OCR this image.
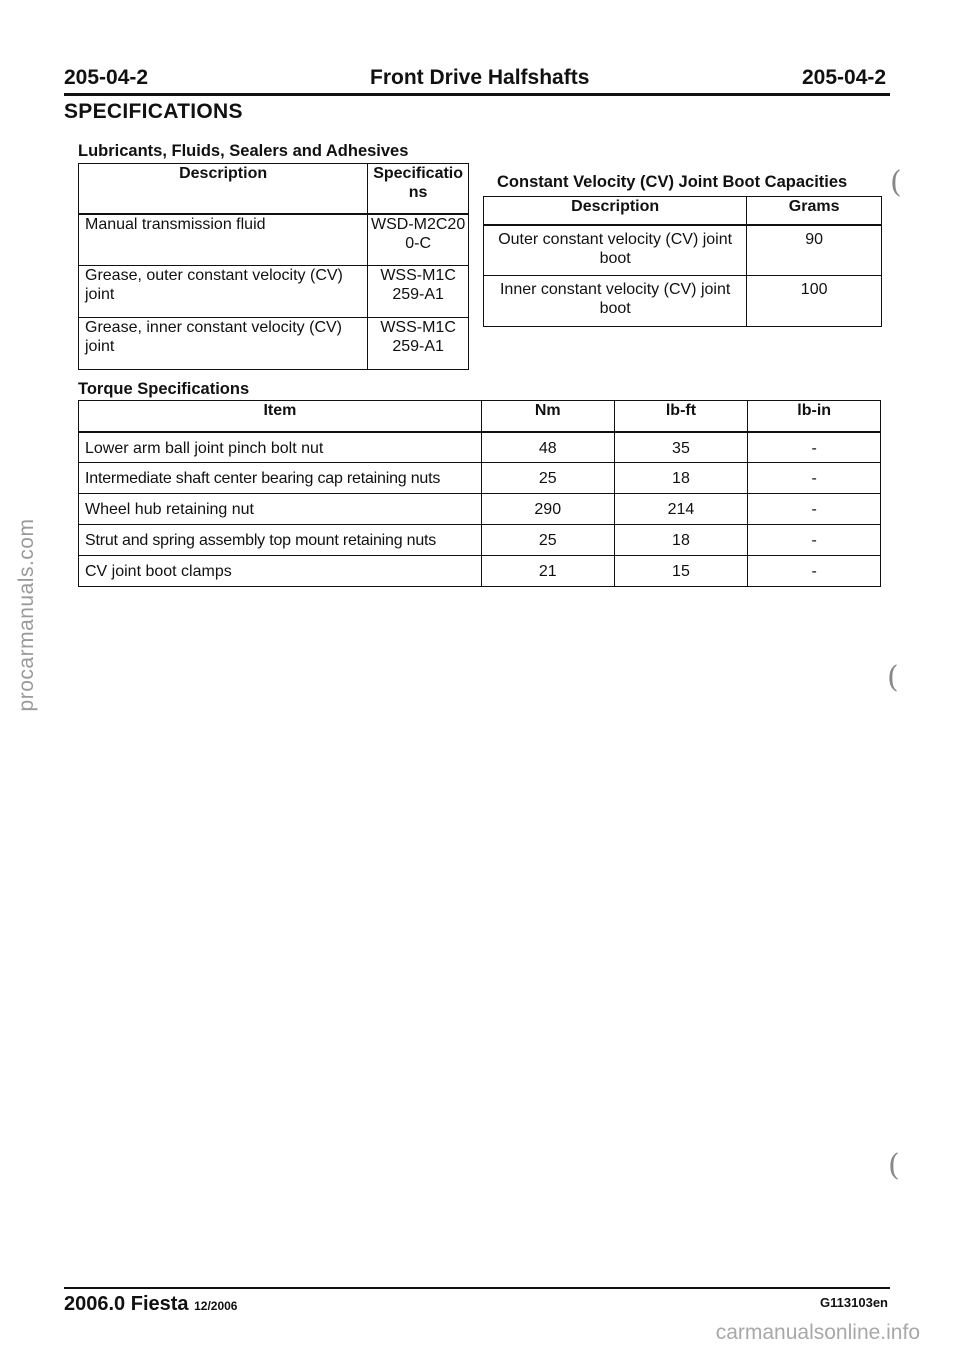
205-04-2	Front Drive Halfshafts	205-04-2
SPECIFICATIONS
Lubricants, Fluids, Sealers and Adhesives
Description	Specifications
Manual transmission fluid	WSD-M2C200-C
Grease, outer constant velocity (CV) joint	WSS-M1C 259-A1
Grease, inner constant velocity (CV) joint	WSS-M1C 259-A1
Constant Velocity (CV) Joint Boot Capacities (
Description	Grams
Outer constant velocity (CV) joint boot	90
Inner constant velocity (CV) joint boot	100
Torque Specifications
Item	Nm	lb-ft	lb-in
Lower arm ball joint pinch bolt nut	48	35	-
Intermediate shaft center bearing cap retaining nuts	25	18	-
Wheel hub retaining nut	290	214	-
Strut and spring assembly top mount retaining nuts	25	18	-
CV joint boot clamps	21	15	-
(
(
procarmanuals.com
2006.0 Fiesta 12/2006	G113103en
carmanualsonline.info
